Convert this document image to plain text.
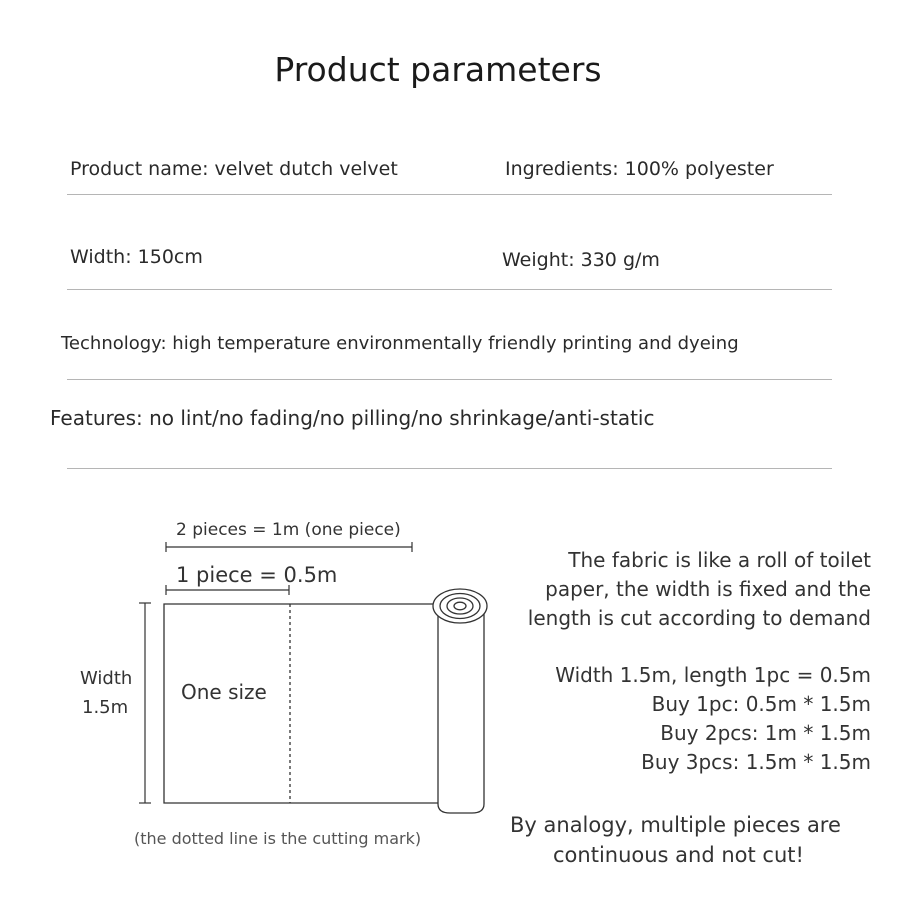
Product parameters
Product name: velvet dutch velvet	Ingredients: 100% polyester
Width: 150cm	Weight: 330 g/m
Technology: high temperature environmentally friendly printing and dyeing
Features: no lint/no fading/no pilling/no shrinkage/anti-static
2 pieces = 1m (one piece)
1 piece = 0.5m
Width
1.5m
One size
(the dotted line is the cutting mark)
The fabric is like a roll of toilet
paper, the width is fixed and the
length is cut according to demand
Width 1.5m, length 1pc = 0.5m
Buy 1pc: 0.5m * 1.5m
Buy 2pcs: 1m * 1.5m
Buy 3pcs: 1.5m * 1.5m
By analogy, multiple pieces are
continuous and not cut!
